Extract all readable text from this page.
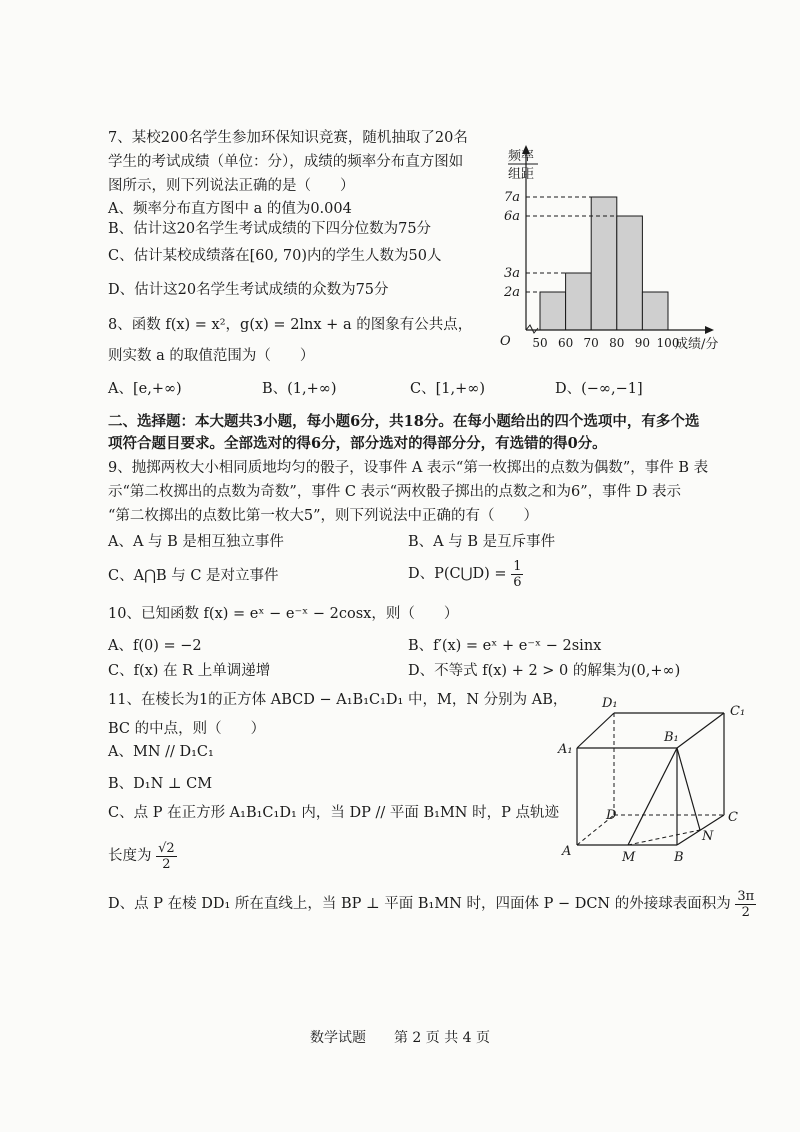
7、某校200名学生参加环保知识竞赛，随机抽取了20名
学生的考试成绩（单位：分），成绩的频率分布直方图如
图所示，则下列说法正确的是（　　）
A、频率分布直方图中 a 的值为0.004
B、估计这20名学生考试成绩的下四分位数为75分
C、估计某校成绩落在[60, 70)内的学生人数为50人
D、估计这20名学生考试成绩的众数为75分
频率
组距
7a
6a
3a
2a
O 50 60 70 80 90 100
成绩/分
8、函数 f(x) = x²，g(x) = 2lnx + a 的图象有公共点，
则实数 a 的取值范围为（　　）
A、[e,+∞)	B、(1,+∞)	C、[1,+∞)	D、(−∞,−1]
二、选择题：本大题共3小题，每小题6分，共18分。在每小题给出的四个选项中，有多个选
项符合题目要求。全部选对的得6分，部分选对的得部分分，有选错的得0分。
9、抛掷两枚大小相同质地均匀的骰子，设事件 A 表示“第一枚掷出的点数为偶数”，事件 B 表
示“第二枚掷出的点数为奇数”，事件 C 表示“两枚骰子掷出的点数之和为6”，事件 D 表示
“第二枚掷出的点数比第一枚大5”，则下列说法中正确的有（　　）
A、A 与 B 是相互独立事件	B、A 与 B 是互斥事件
C、A⋂B 与 C 是对立事件	D、P(C⋃D) = $\frac{1}{6}$
10、已知函数 f(x) = eˣ − e⁻ˣ − 2cosx，则（　　）
A、f(0) = −2	B、f′(x) = eˣ + e⁻ˣ − 2sinx
C、f(x) 在 R 上单调递增	D、不等式 f(x) + 2 > 0 的解集为(0,+∞)
11、在棱长为1的正方体 ABCD − A₁B₁C₁D₁ 中，M，N 分别为 AB，
BC 的中点，则（　　）
A、MN // D₁C₁
B、D₁N ⊥ CM
C、点 P 在正方形 A₁B₁C₁D₁ 内，当 DP // 平面 B₁MN 时，P 点轨迹
长度为 $\frac{√2}{2}$
D、点 P 在棱 DD₁ 所在直线上，当 BP ⊥ 平面 B₁MN 时，四面体 P − DCN 的外接球表面积为 $\frac{3\pi}{2}$
D₁
C₁
A₁
B₁
D	C
N
A	M	B
数学试题　　第 2 页 共 4 页
